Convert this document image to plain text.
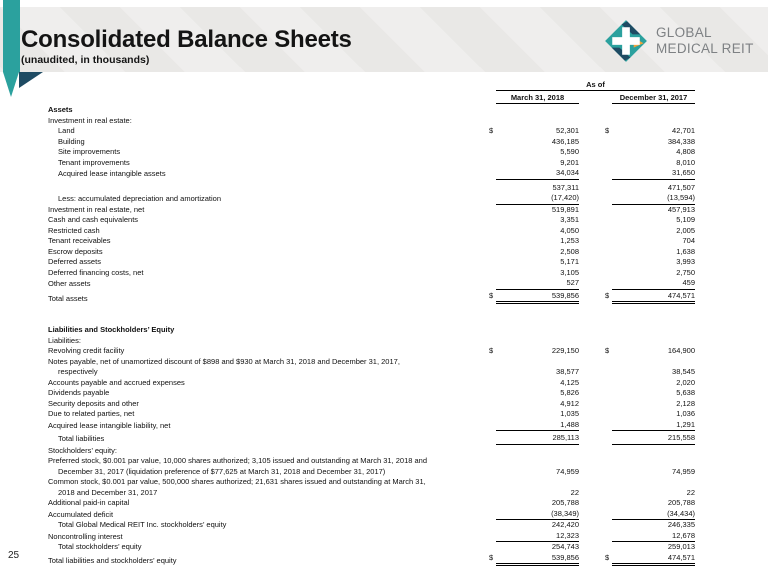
Consolidated Balance Sheets
(unaudited, in thousands)
GLOBAL
MEDICAL REIT
As of
March 31, 2018	December 31, 2017
Assets
Investment in real estate:
Land	$	52,301	$	42,701
Building	436,185	384,338
Site improvements	5,590	4,808
Tenant improvements	9,201	8,010
Acquired lease intangible assets	34,034	31,650
537,311	471,507
Less: accumulated depreciation and amortization	(17,420)	(13,594)
Investment in real estate, net	519,891	457,913
Cash and cash equivalents	3,351	5,109
Restricted cash	4,050	2,005
Tenant receivables	1,253	704
Escrow deposits	2,508	1,638
Deferred assets	5,171	3,993
Deferred financing costs, net	3,105	2,750
Other assets	527	459
Total assets	$	539,856	$	474,571
Liabilities and Stockholders’ Equity
Liabilities:
Revolving credit facility	$	229,150	$	164,900
Notes payable, net of unamortized discount of $898 and $930 at March 31, 2018 and December 31, 2017,
respectively	38,577	38,545
Accounts payable and accrued expenses	4,125	2,020
Dividends payable	5,826	5,638
Security deposits and other	4,912	2,128
Due to related parties, net	1,035	1,036
Acquired lease intangible liability, net	1,488	1,291
Total liabilities	285,113	215,558
Stockholders’ equity:
Preferred stock, $0.001 par value, 10,000 shares authorized; 3,105 issued and outstanding at March 31, 2018 and
December 31, 2017 (liquidation preference of $77,625 at March 31, 2018 and December 31, 2017)	74,959	74,959
Common stock, $0.001 par value, 500,000 shares authorized; 21,631 shares issued and outstanding at March 31,
2018 and December 31, 2017	22	22
Additional paid-in capital	205,788	205,788
Accumulated deficit	(38,349)	(34,434)
Total Global Medical REIT Inc. stockholders’ equity	242,420	246,335
Noncontrolling interest	12,323	12,678
Total stockholders’ equity	254,743	259,013
Total liabilities and stockholders’ equity	$	539,856	$	474,571
25
